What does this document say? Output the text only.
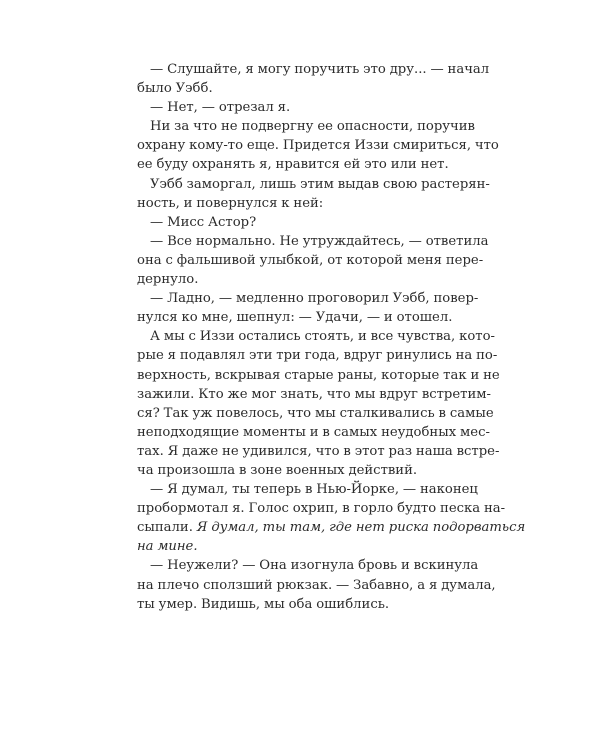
— Слушайте, я могу поручить это дру... — начал
было Уэбб.

— Нет, — отрезал я.

Ни за что не подвергну ее опасности, поручив
охрану кому-то еще. Придется Иззи смириться, что
ее буду охранять я, нравится ей это или нет.

Уэбб заморгал, лишь этим выдав свою растерян-
ность, и повернулся к ней:

— Мисс Астор?

— Все нормально. Не утруждайтесь, — ответила
она с фальшивой улыбкой, от которой меня пере-
дернуло.

— Ладно, — медленно проговорил Уэбб, повер-
нулся ко мне, шепнул: — Удачи, — и отошел.

А мы с Иззи остались стоять, и все чувства, кото-
рые я подавлял эти три года, вдруг ринулись на по-
верхность, вскрывая старые раны, которые так и не
зажили. Кто же мог знать, что мы вдруг встретим-
ся? Так уж повелось, что мы сталкивались в самые
неподходящие моменты и в самых неудобных мес-
тах. Я даже не удивился, что в этот раз наша встре-
ча произошла в зоне военных действий.

— Я думал, ты теперь в Нью-Йорке, — наконец
пробормотал я. Голос охрип, в горло будто песка на-
сыпали. Я думал, ты там, где нет риска подорваться
на мине.

— Неужели? — Она изогнула бровь и вскинула
на плечо сползший рюкзак. — Забавно, а я думала,
ты умер. Видишь, мы оба ошиблись.
